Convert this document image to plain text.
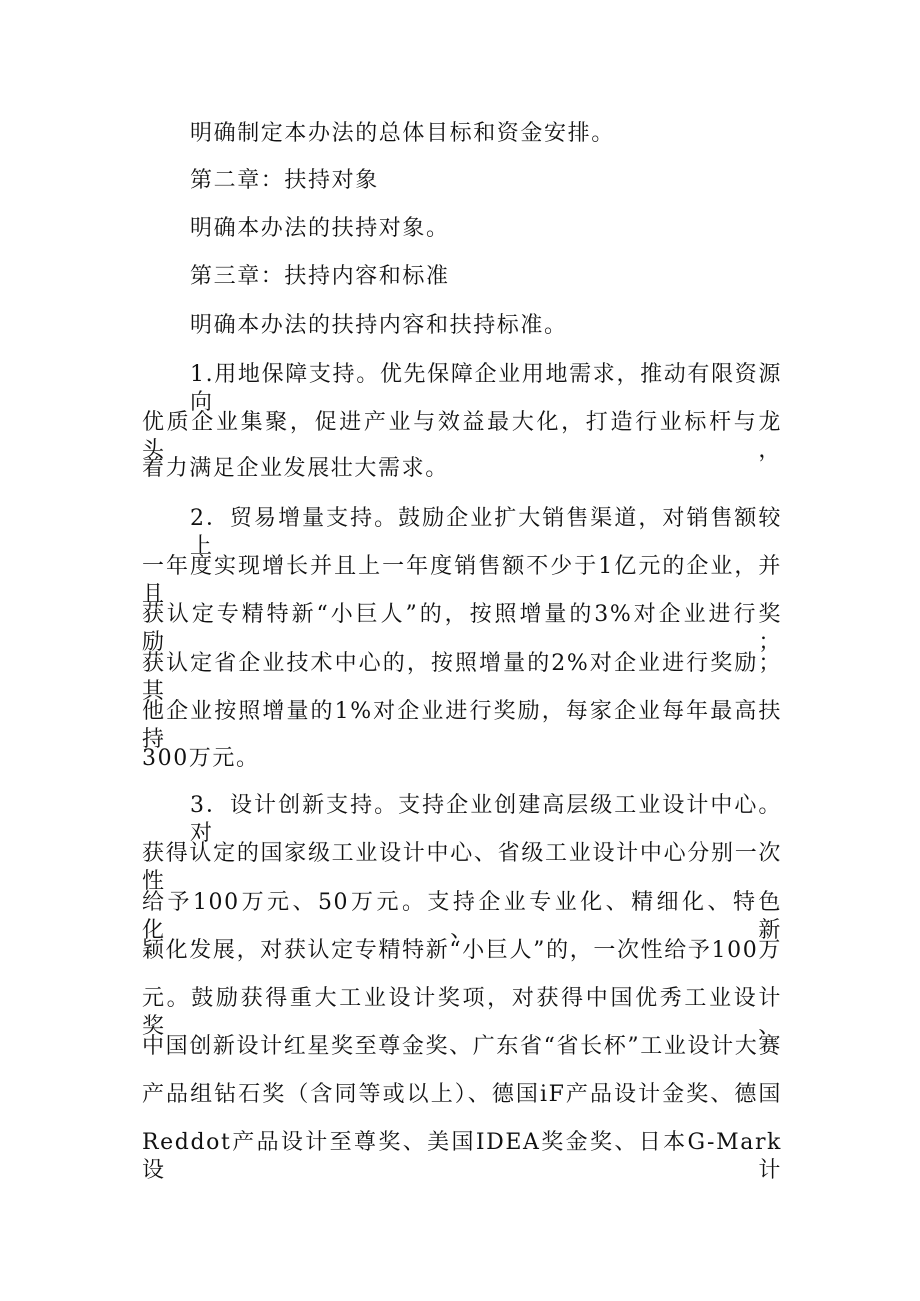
明确制定本办法的总体目标和资金安排。
第二章：扶持对象
明确本办法的扶持对象。
第三章：扶持内容和标准
明确本办法的扶持内容和扶持标准。
1.用地保障支持。优先保障企业用地需求，推动有限资源向
优质企业集聚，促进产业与效益最大化，打造行业标杆与龙头，
着力满足企业发展壮大需求。
2．贸易增量支持。鼓励企业扩大销售渠道，对销售额较上
一年度实现增长并且上一年度销售额不少于1亿元的企业，并且
获认定专精特新“小巨人”的，按照增量的3%对企业进行奖励；
获认定省企业技术中心的，按照增量的2%对企业进行奖励；其
他企业按照增量的1%对企业进行奖励，每家企业每年最高扶持
300万元。
3．设计创新支持。支持企业创建高层级工业设计中心。对
获得认定的国家级工业设计中心、省级工业设计中心分别一次性
给予100万元、50万元。支持企业专业化、精细化、特色化、新
颖化发展，对获认定专精特新“小巨人”的，一次性给予100万
元。鼓励获得重大工业设计奖项，对获得中国优秀工业设计奖、
中国创新设计红星奖至尊金奖、广东省“省长杯”工业设计大赛
产品组钻石奖（含同等或以上）、德国iF产品设计金奖、德国
Reddot产品设计至尊奖、美国IDEA奖金奖、日本G-Mark设计
